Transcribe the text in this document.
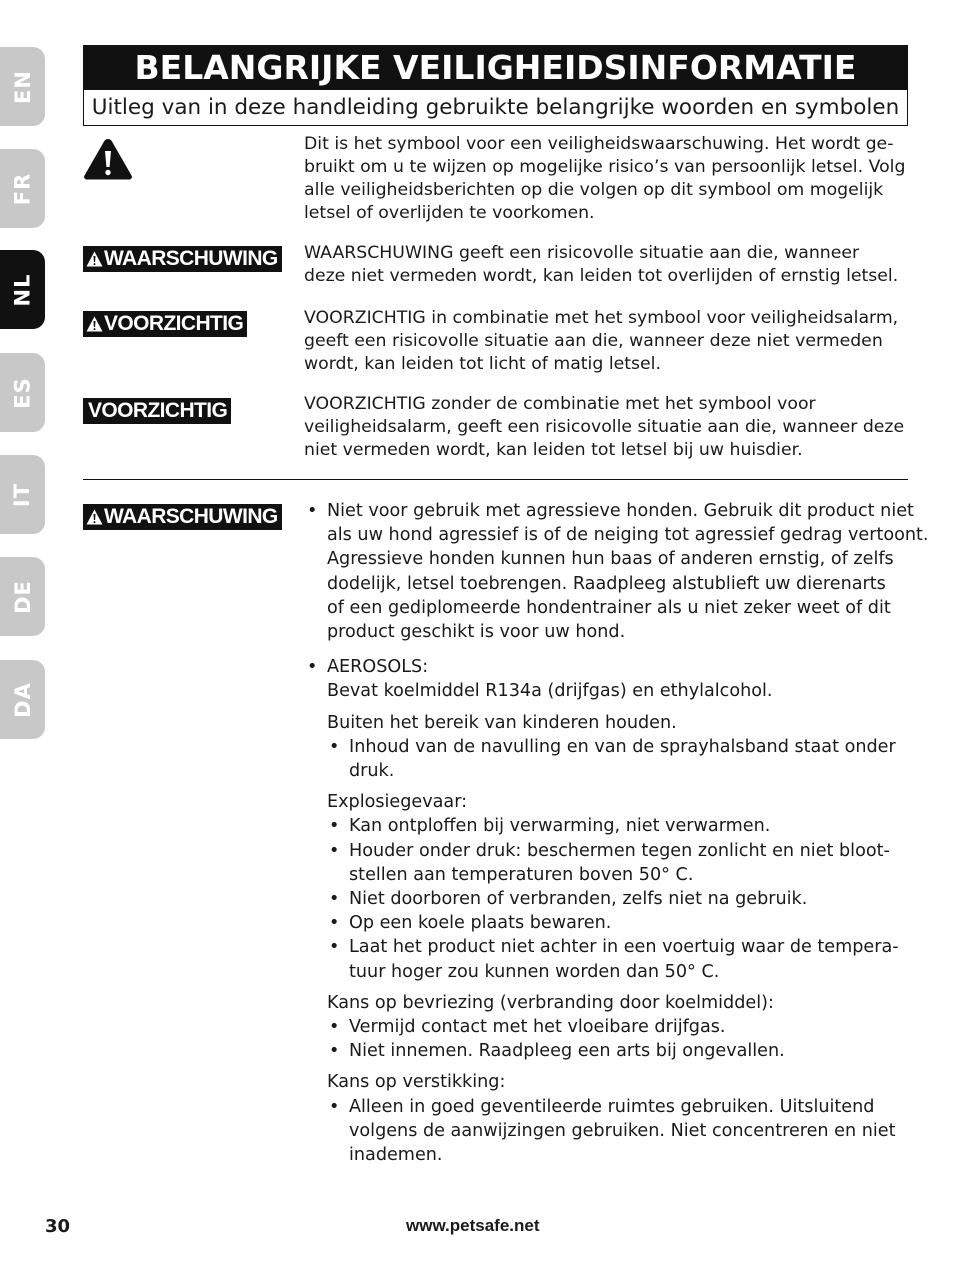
EN
FR
NL
ES
IT
DE
DA
BELANGRIJKE VEILIGHEIDSINFORMATIE
Uitleg van in deze handleiding gebruikte belangrijke woorden en symbolen

Dit is het symbool voor een veiligheidswaarschuwing. Het wordt ge-
bruikt om u te wijzen op mogelijke risico’s van persoonlijk letsel. Volg
alle veiligheidsberichten op die volgen op dit symbool om mogelijk
letsel of overlijden te voorkomen.

WAARSCHUWING WAARSCHUWING geeft een risicovolle situatie aan die, wanneer
deze niet vermeden wordt, kan leiden tot overlijden of ernstig letsel.

VOORZICHTIG	VOORZICHTIG in combinatie met het symbool voor veiligheidsalarm,
geeft een risicovolle situatie aan die, wanneer deze niet vermeden
wordt, kan leiden tot licht of matig letsel.

VOORZICHTIG	VOORZICHTIG zonder de combinatie met het symbool voor
veiligheidsalarm, geeft een risicovolle situatie aan die, wanneer deze
niet vermeden wordt, kan leiden tot letsel bij uw huisdier.

WAARSCHUWING
•	Niet voor gebruik met agressieve honden. Gebruik dit product niet
als uw hond agressief is of de neiging tot agressief gedrag vertoont.
Agressieve honden kunnen hun baas of anderen ernstig, of zelfs
dodelijk, letsel toebrengen. Raadpleeg alstublieft uw dierenarts
of een gediplomeerde hondentrainer als u niet zeker weet of dit
product geschikt is voor uw hond.
• AEROSOLS:
Bevat koelmiddel R134a (drijfgas) en ethylalcohol.
Buiten het bereik van kinderen houden.
• Inhoud van de navulling en van de sprayhalsband staat onder
druk.
Explosiegevaar:
• Kan ontploffen bij verwarming, niet verwarmen.
• Houder onder druk: beschermen tegen zonlicht en niet bloot-
stellen aan temperaturen boven 50° C.
• Niet doorboren of verbranden, zelfs niet na gebruik.
• Op een koele plaats bewaren.
• Laat het product niet achter in een voertuig waar de tempera-
tuur hoger zou kunnen worden dan 50° C.
Kans op bevriezing (verbranding door koelmiddel):
• Vermijd contact met het vloeibare drijfgas.
• Niet innemen. Raadpleeg een arts bij ongevallen.
Kans op verstikking:
• Alleen in goed geventileerde ruimtes gebruiken. Uitsluitend
volgens de aanwijzingen gebruiken. Niet concentreren en niet
inademen.
30	www.petsafe.net
